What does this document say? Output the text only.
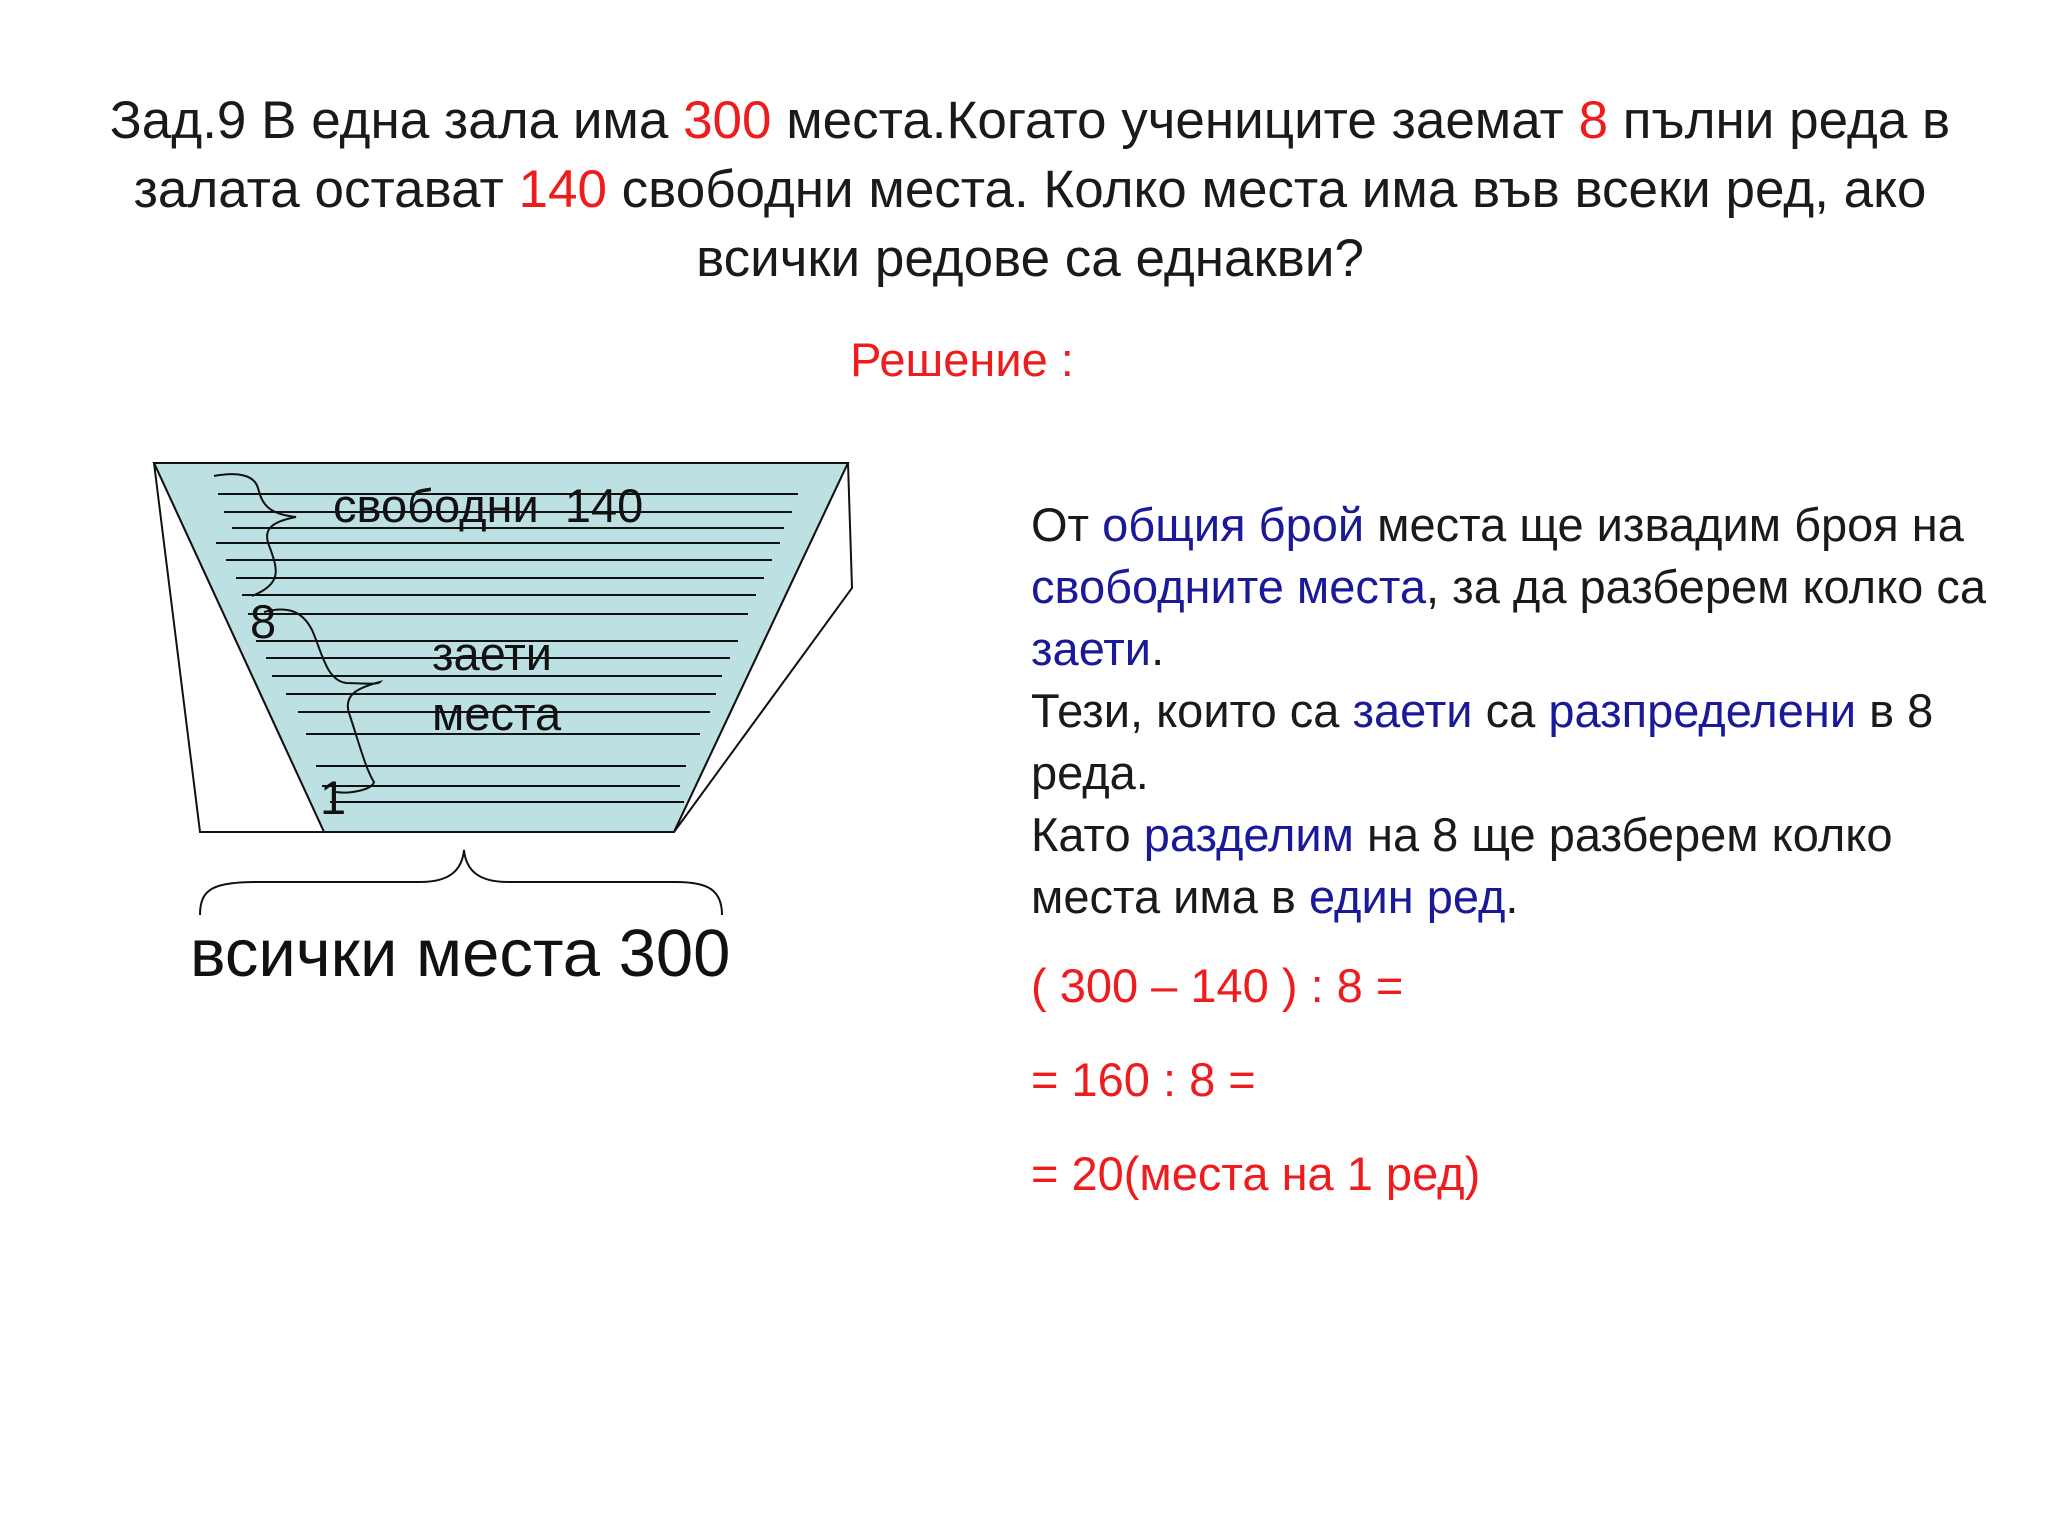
Зад.9 В една зала има 300 места.Когато учениците заемат 8 пълни реда в залата остават 140 свободни места. Колко места има във всеки ред, ако всички редове са еднакви?
Решение :
свободни  140
8
заети
места
1
всички места 300

От общия брой места ще извадим броя на свободните места, за да разберем колко са заети.

Тези, които са заети са разпределени в 8 реда.

Като разделим на 8 ще разберем колко места има в един ред.

( 300 – 140 ) : 8 =
= 160 : 8 =
= 20(места на 1 ред)
